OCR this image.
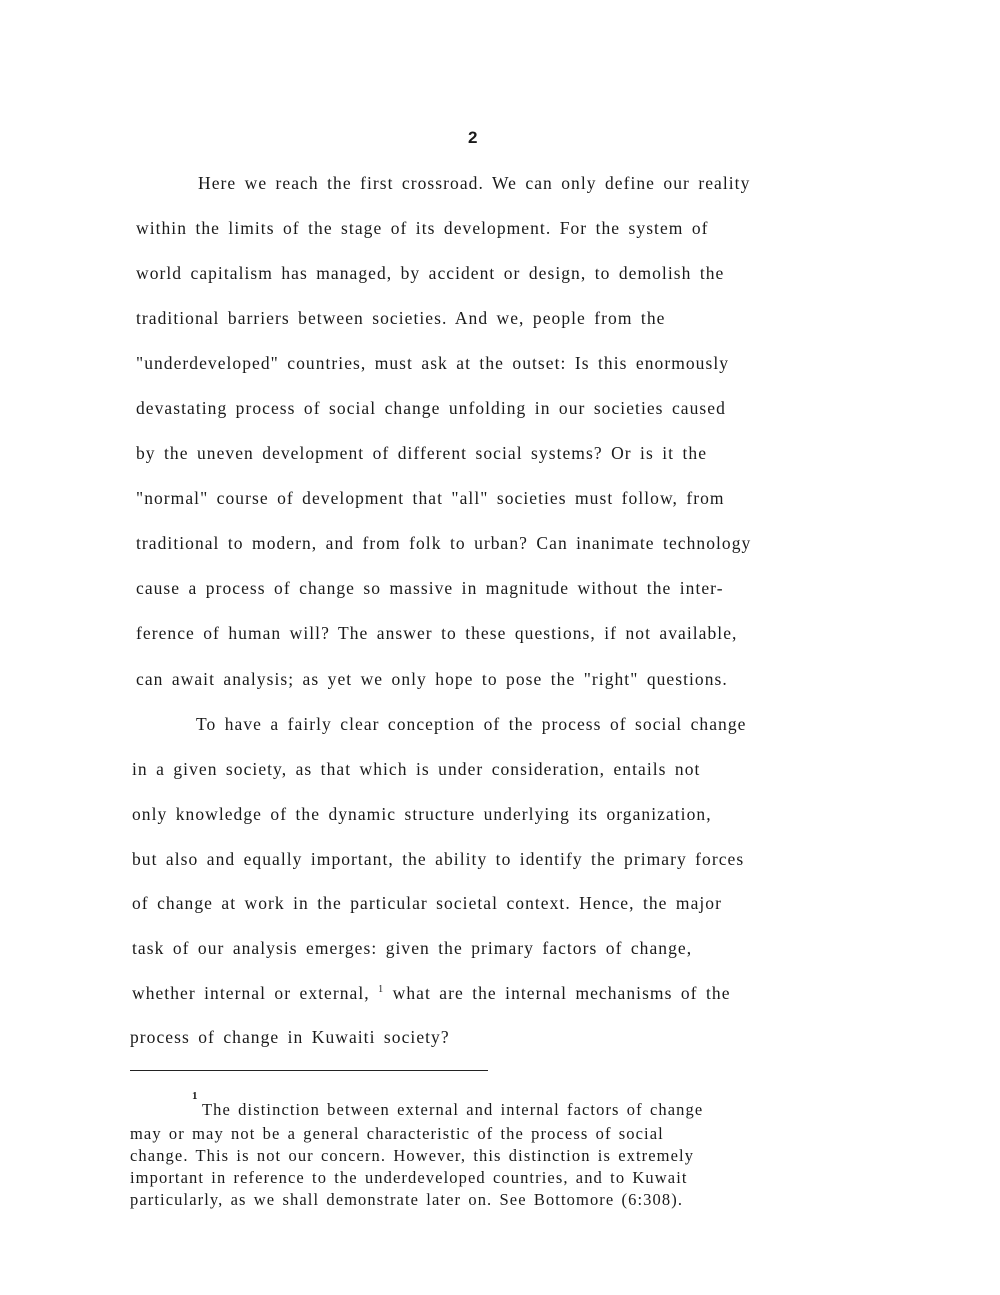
2
Here we reach the first crossroad. We can only define our reality
within the limits of the stage of its development. For the system of
world capitalism has managed, by accident or design, to demolish the
traditional barriers between societies. And we, people from the
"underdeveloped" countries, must ask at the outset: Is this enormously
devastating process of social change unfolding in our societies caused
by the uneven development of different social systems? Or is it the
"normal" course of development that "all" societies must follow, from
traditional to modern, and from folk to urban? Can inanimate technology
cause a process of change so massive in magnitude without the inter-
ference of human will? The answer to these questions, if not available,
can await analysis; as yet we only hope to pose the "right" questions.
To have a fairly clear conception of the process of social change
in a given society, as that which is under consideration, entails not
only knowledge of the dynamic structure underlying its organization,
but also and equally important, the ability to identify the primary forces
of change at work in the particular societal context. Hence, the major
task of our analysis emerges: given the primary factors of change,
whether internal or external, $^1$ what are the internal mechanisms of the
process of change in Kuwaiti society?
1
The distinction between external and internal factors of change
may or may not be a general characteristic of the process of social
change. This is not our concern. However, this distinction is extremely
important in reference to the underdeveloped countries, and to Kuwait
particularly, as we shall demonstrate later on. See Bottomore (6:308).
